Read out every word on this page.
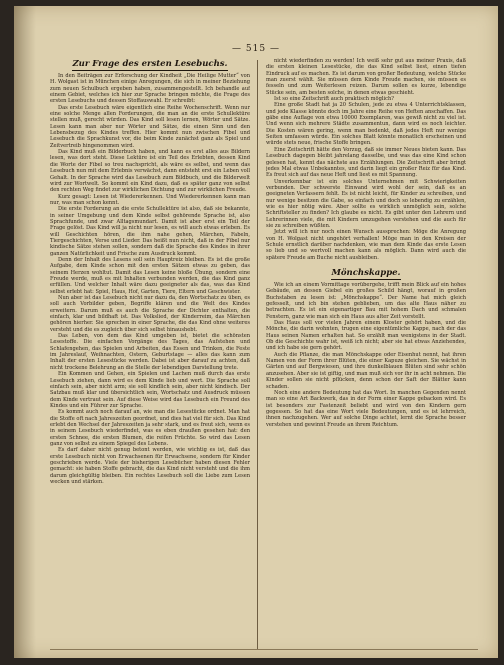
— 515 —
Zur Frage des ersten Lesebuchs.

In den Beiträgen zur Erforschung der Kindheit „Die Heilige Mutter“ von H. Wolgast ist in München einige Anregungen, die sich in meiner Beziehung zum neuen Schulbuch ergeben haben, zusammengestellt. Ich behandle auf einem Gebiet, welches ich hier zur Sprache bringen möchte, die Frage des ersten Lesebuchs und dessen Stoffauswahl. Er schreibt:

Das erste Lesebuch wäre eigentlich eine Reihe Wochenschrift. Wenn nur eine solche Menge allen Forderungen, die man an die erste Schullektüre stellen muß, gerecht würden. Das Kind soll lesen lernen, Wörter und Sätze. Lesen kann man aber nur Wörter und Sätze, die einen Sinn und den Lebensbezug des Kindes treffen. Hier kommt nun zwischen Fibel und Lesebuch die Sprachkunst vor, die beim Kinde zunächst ganz als Spiel und Zeitvertreib hingenommen wird.

Das Kind muß ein Bilderbuch haben, und kann es erst alles aus Bildern lesen, was dort steht. Diese Lektüre ist ein Teil des Erlebten, dessen Kind die Worte der Fibel so treu nachspricht, als wäre es selbst, und wenn das Lesebuch nun mit dem Erlebnis verwächst, dann entsteht erst ein Leben voll Gehalt. In der Sprache wird das Lesebuch zum Bildbuch, und die Bilderwelt wird zur Wortwelt. So kommt ein Kind dazu, daß es später ganz von selbst den rechten Weg findet zur wirklichen Dichtung und zur wirklichen Freude.

Kurz gesagt: Lesen ist Wiedererkennen. Und Wiedererkennen kann man nur, was man schon kennt.

Die erste Forderung an die erste Schullektüre ist also, daß sie bekannte, in seiner Umgebung und dem Kinde selbst gehörende Sprache ist, also Sprachfunde, und zwar Alltagsmundart. Damit ist aber erst ein Teil der Frage gelöst. Das Kind will ja nicht nur lesen, es will auch etwas erleben. Es will Geschichten hören, die ihm nahe gehen, Märchen, Fabeln, Tiergeschichten, Verse und Lieder. Das heißt nun nicht, daß in der Fibel nur kindische Sätze stehen sollen, sondern daß die Sprache des Kindes in ihrer ganzen Natürlichkeit und Frische zum Ausdruck kommt.

Denn der Inhalt des Lesens soll sein Hauptreiz bleiben. Es ist die große Aufgabe, dem Kinde schon mit den ersten Sätzen etwas zu geben, das seinem Herzen wohltut. Damit das Lesen keine bloße Übung, sondern eine Freude werde, muß es mit Inhalten verbunden werden, die das Kind ganz erfüllen. Und welcher Inhalt wäre dazu geeigneter als das, was das Kind selbst erlebt hat: Spiel, Haus, Hof, Garten, Tiere, Eltern und Geschwister.

Nun aber ist das Lesebuch nicht nur dazu da, den Wortschatz zu üben, es soll auch Vorbilder geben, Begriffe klären und die Welt des Kindes erweitern. Darum muß es auch die Sprache der Dichter enthalten, die einfach, klar und bildhaft ist. Das Volkslied, der Kinderreim, das Märchen gehören hierher. Sie sprechen in einer Sprache, die das Kind ohne weiteres versteht und die es zugleich über sich selbst hinaushebt.

Das Leben, von dem das Kind umgeben ist, bietet die schönsten Lesestoffe. Die einfachen Vorgänge des Tages, das Aufstehen und Schlafengehen, das Spielen und Arbeiten, das Essen und Trinken, die Feste im Jahreslauf, Weihnachten, Ostern, Geburtstage — alles das kann zum Inhalt der ersten Lesestücke werden. Dabei ist aber darauf zu achten, daß nicht trockene Belehrung an die Stelle der lebendigen Darstellung trete.

Ein Kommen und Gehen, ein Spielen und Lachen muß durch das erste Lesebuch ziehen, dann wird es dem Kinde lieb und wert. Die Sprache soll einfach sein, aber nicht arm; sie soll kindlich sein, aber nicht kindisch. Der Satzbau muß klar und übersichtlich sein, Wortschatz und Ausdruck müssen dem Kinde vertraut sein. Auf diese Weise wird das Lesebuch ein Freund des Kindes und ein Führer zur Sprache.

Es kommt auch noch darauf an, wie man die Lesestücke ordnet. Man hat die Stoffe oft nach Jahreszeiten geordnet, und dies hat viel für sich. Das Kind erlebt den Wechsel der Jahreszeiten ja sehr stark, und es freut sich, wenn es in seinem Lesebuch wiederfindet, was es eben draußen gesehen hat: den ersten Schnee, die ersten Blumen, die reifen Früchte. So wird das Lesen ganz von selbst zu einem Spiegel des Lebens.

Es darf daher nicht genug betont werden, wie wichtig es ist, daß das erste Lesebuch nicht von Erwachsenen für Erwachsene, sondern für Kinder geschrieben werde. Viele der bisherigen Lesebücher haben diesen Fehler gemacht: sie haben Stoffe gebracht, die das Kind nicht versteht und die ihm darum gleichgültig bleiben. Ein rechtes Lesebuch soll die Liebe zum Lesen wecken und stärken.

nicht wiederfinden zu werden! Ich weiß sehr gut aus meiner Praxis, daß die ersten kleinen Lesestücke, die das Kind selbst liest, einen tiefen Eindruck auf es machen. Es ist darum von großer Bedeutung, welche Stücke man zuerst wählt. Sie müssen dem Kinde Freude machen, sie müssen es fesseln und zum Weiterlesen reizen. Darum sollen es kurze, lebendige Stücke sein, am besten solche, in denen etwas geschieht.

Ist so eine Zeitschrift auch praktisch möglich?

Eine große Stadt hat ja 20 Schulen, jede zu etwa 4 Unterrichtsklassen, und jede Klasse könnte doch im Jahre eine Reihe von Heften anschaffen. Das gäbe eine Auflage von etwa 10000 Exemplaren, was gewiß nicht zu viel ist. Und wenn sich mehrere Städte zusammentun, dann wird es noch leichter. Die Kosten wären gering, wenn man bedenkt, daß jedes Heft nur wenige Seiten umfassen würde. Ein solches Blatt könnte monatlich erscheinen und würde stets neue, frische Stoffe bringen.

Eine Zeitschrift hätte den Vorzug, daß sie immer Neues bieten kann. Das Lesebuch dagegen bleibt jahrelang dasselbe, und was das eine Kind schon gelesen hat, kennt das nächste aus Erzählungen. Die Zeitschrift aber bringt jedes Mal etwas Unbekanntes, und darin liegt ein großer Reiz für das Kind. Es freut sich auf das neue Heft und liest es mit Spannung.

Unverkennbar ist ein solches Unternehmen mit Schwierigkeiten verbunden. Der schwerste Einwand wird wohl der sein, daß es an geeigneten Verfassern fehlt. Es ist nicht leicht, für Kinder zu schreiben, und nur wenige besitzen die Gabe, so einfach und doch so lebendig zu erzählen, wie es hier nötig wäre. Aber sollte es wirklich unmöglich sein, solche Schriftsteller zu finden? Ich glaube es nicht. Es gibt unter den Lehrern und Lehrerinnen viele, die mit Kindern umzugehen verstehen und die auch für sie zu schreiben wüßten.

Jetzt will ich nur noch einen Wunsch aussprechen: Möge die Anregung von H. Wolgast nicht ungehört verhallen! Möge man in den Kreisen der Schule ernstlich darüber nachdenken, wie man dem Kinde das erste Lesen so lieb und so wertvoll machen kann als möglich. Dann wird auch die spätere Freude am Buche nicht ausbleiben.

Mönchskappe.

Wie ich an einem Vormittage vorübergehe, trifft mein Blick auf ein hohes Gebäude, an dessen Giebel ein großes Schild hängt, worauf in großen Buchstaben zu lesen ist: „Mönchskappe“. Der Name hat mich gleich gefesselt, und ich bin stehen geblieben, um das alte Haus näher zu betrachten. Es ist ein eigenartiger Bau mit hohem Dach und schmalen Fenstern, ganz wie man sich ein Haus aus alter Zeit vorstellt.

Das Haus soll vor vielen Jahren einem Kloster gehört haben, und die Mönche, die darin wohnten, trugen eine eigentümliche Kappe, nach der das Haus seinen Namen erhalten hat. So erzählt man wenigstens in der Stadt. Ob die Geschichte wahr ist, weiß ich nicht; aber sie hat etwas Anziehendes, und ich habe sie gern gehört.

Auch die Pflanze, die man Mönchskappe oder Eisenhut nennt, hat ihren Namen von der Form ihrer Blüten, die einer Kapuze gleichen. Sie wächst in Gärten und auf Bergwiesen, und ihre dunkelblauen Blüten sind sehr schön anzusehen. Aber sie ist giftig, und man muß sich vor ihr in acht nehmen. Die Kinder sollen sie nicht pflücken, denn schon der Saft der Blätter kann schaden.

Noch eine andere Bedeutung hat das Wort. In manchen Gegenden nennt man so eine Art Backwerk, das in der Form einer Kappe gebacken wird. Es ist besonders zur Fastenzeit beliebt und wird von den Kindern gern gegessen. So hat das eine Wort viele Bedeutungen, und es ist lehrreich, ihnen nachzugehen. Wer auf solche Dinge achtet, lernt die Sprache besser verstehen und gewinnt Freude an ihrem Reichtum.
